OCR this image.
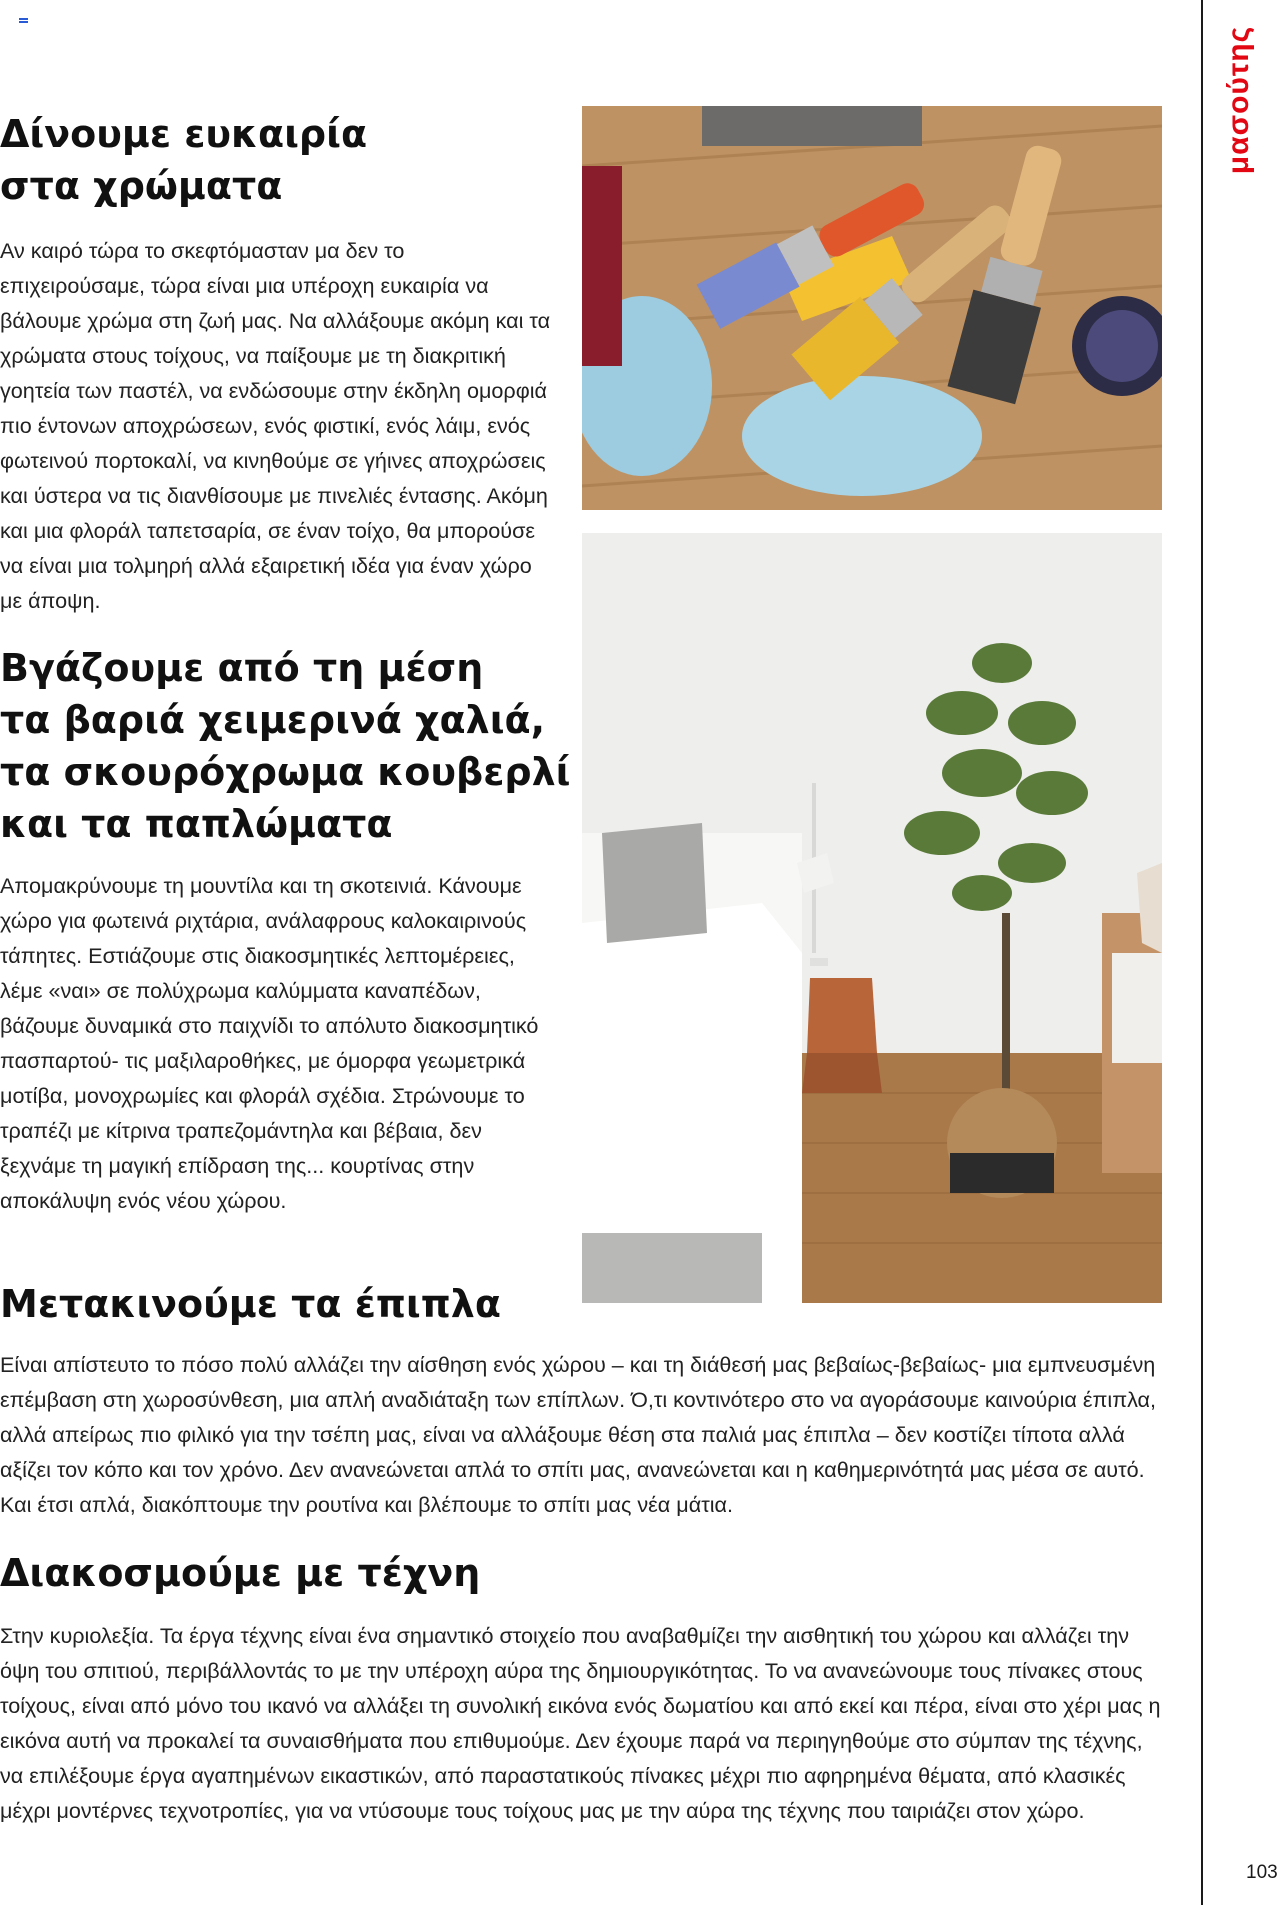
μασούτης
103
Δίνουμε ευκαιρία
στα χρώματα

Αν καιρό τώρα το σκεφτόμασταν μα δεν το επιχειρούσαμε, τώρα είναι μια υπέροχη ευκαιρία να βάλουμε χρώμα στη ζωή μας. Να αλλάξουμε ακόμη και τα χρώματα στους τοίχους, να παίξουμε με τη διακριτική γοητεία των παστέλ, να ενδώσουμε στην έκδηλη ομορφιά πιο έντονων αποχρώσεων, ενός φιστικί, ενός λάιμ, ενός φωτεινού πορτοκαλί, να κινηθούμε σε γήινες αποχρώσεις και ύστερα να τις διανθίσουμε με πινελιές έντασης. Ακόμη και μια φλοράλ ταπετσαρία, σε έναν τοίχο, θα μπορούσε να είναι μια τολμηρή αλλά εξαιρετική ιδέα για έναν χώρο με άποψη.

Βγάζουμε από τη μέση
τα βαριά χειμερινά χαλιά,
τα σκουρόχρωμα κουβερλί
και τα παπλώματα

Απομακρύνουμε τη μουντίλα και τη σκοτεινιά. Κάνουμε χώρο για φωτεινά ριχτάρια, ανάλαφρους καλοκαιρινούς τάπητες. Εστιάζουμε στις διακοσμητικές λεπτομέρειες, λέμε «ναι» σε πολύχρωμα καλύμματα καναπέδων, βάζουμε δυναμικά στο παιχνίδι το απόλυτο διακοσμητικό πασπαρτού- τις μαξιλαροθήκες, με όμορφα γεωμετρικά μοτίβα, μονοχρωμίες και φλοράλ σχέδια. Στρώνουμε το τραπέζι με κίτρινα τραπεζομάντηλα και βέβαια, δεν ξεχνάμε τη μαγική επίδραση της... κουρτίνας στην αποκάλυψη ενός νέου χώρου.

Μετακινούμε τα έπιπλα

Είναι απίστευτο το πόσο πολύ αλλάζει την αίσθηση ενός χώρου – και τη διάθεσή μας βεβαίως-βεβαίως- μια εμπνευσμένη επέμβαση στη χωροσύνθεση, μια απλή αναδιάταξη των επίπλων. Ό,τι κοντινότερο στο να αγοράσουμε καινούρια έπιπλα, αλλά απείρως πιο φιλικό για την τσέπη μας, είναι να αλλάξουμε θέση στα παλιά μας έπιπλα – δεν κοστίζει τίποτα αλλά αξίζει τον κόπο και τον χρόνο. Δεν ανανεώνεται απλά το σπίτι μας, ανανεώνεται και η καθημερινότητά μας μέσα σε αυτό. Και έτσι απλά, διακόπτουμε την ρουτίνα και βλέπουμε το σπίτι μας νέα μάτια.

Διακοσμούμε με τέχνη

Στην κυριολεξία. Τα έργα τέχνης είναι ένα σημαντικό στοιχείο που αναβαθμίζει την αισθητική του χώρου και αλλάζει την όψη του σπιτιού, περιβάλλοντάς το με την υπέροχη αύρα της δημιουργικότητας. Το να ανανεώνουμε τους πίνακες στους τοίχους, είναι από μόνο του ικανό να αλλάξει τη συνολική εικόνα ενός δωματίου και από εκεί και πέρα, είναι στο χέρι μας η εικόνα αυτή να προκαλεί τα συναισθήματα που επιθυμούμε. Δεν έχουμε παρά να περιηγηθούμε στο σύμπαν της τέχνης, να επιλέξουμε έργα αγαπημένων εικαστικών, από παραστατικούς πίνακες μέχρι πιο αφηρημένα θέματα, από κλασικές μέχρι μοντέρνες τεχνοτροπίες, για να ντύσουμε τους τοίχους μας με την αύρα της τέχνης που ταιριάζει στον χώρο.
